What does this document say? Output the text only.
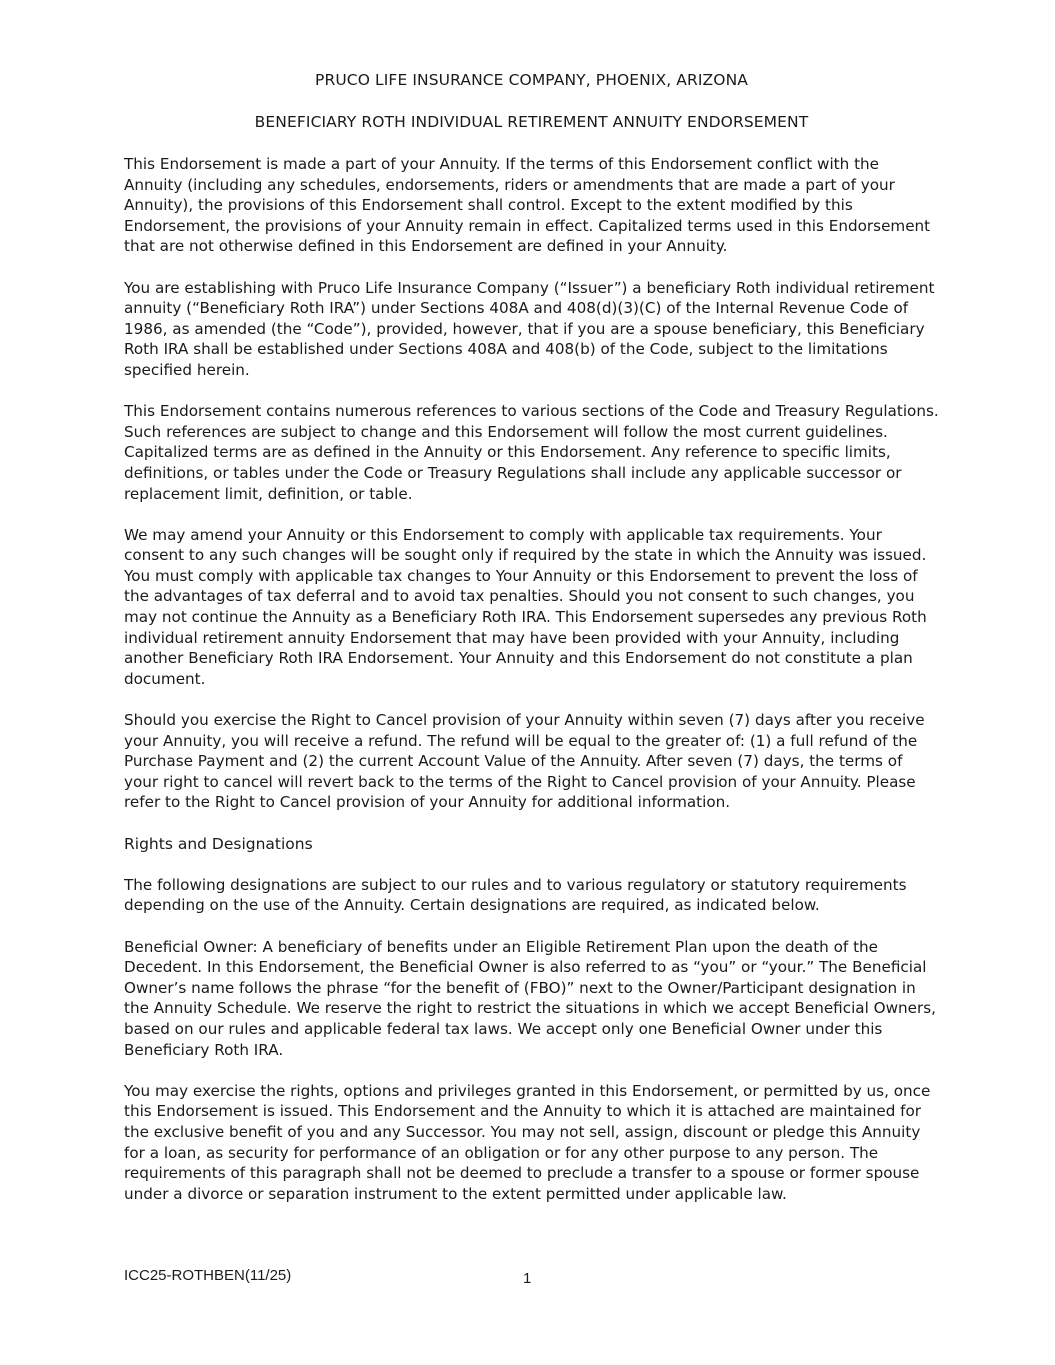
PRUCO LIFE INSURANCE COMPANY, PHOENIX, ARIZONA
BENEFICIARY ROTH INDIVIDUAL RETIREMENT ANNUITY ENDORSEMENT

This Endorsement is made a part of your Annuity. If the terms of this Endorsement conflict with the Annuity (including any schedules, endorsements, riders or amendments that are made a part of your Annuity), the provisions of this Endorsement shall control. Except to the extent modified by this Endorsement, the provisions of your Annuity remain in effect. Capitalized terms used in this Endorsement that are not otherwise defined in this Endorsement are defined in your Annuity.

You are establishing with Pruco Life Insurance Company (“Issuer”) a beneficiary Roth individual retirement annuity (“Beneficiary Roth IRA”) under Sections 408A and 408(d)(3)(C) of the Internal Revenue Code of 1986, as amended (the “Code”), provided, however, that if you are a spouse beneficiary, this Beneficiary Roth IRA shall be established under Sections 408A and 408(b) of the Code, subject to the limitations specified herein.

This Endorsement contains numerous references to various sections of the Code and Treasury Regulations. Such references are subject to change and this Endorsement will follow the most current guidelines. Capitalized terms are as defined in the Annuity or this Endorsement. Any reference to specific limits, definitions, or tables under the Code or Treasury Regulations shall include any applicable successor or replacement limit, definition, or table.

We may amend your Annuity or this Endorsement to comply with applicable tax requirements. Your consent to any such changes will be sought only if required by the state in which the Annuity was issued. You must comply with applicable tax changes to Your Annuity or this Endorsement to prevent the loss of the advantages of tax deferral and to avoid tax penalties. Should you not consent to such changes, you may not continue the Annuity as a Beneficiary Roth IRA. This Endorsement supersedes any previous Roth individual retirement annuity Endorsement that may have been provided with your Annuity, including another Beneficiary Roth IRA Endorsement. Your Annuity and this Endorsement do not constitute a plan document.

Should you exercise the Right to Cancel provision of your Annuity within seven (7) days after you receive your Annuity, you will receive a refund. The refund will be equal to the greater of: (1) a full refund of the Purchase Payment and (2) the current Account Value of the Annuity. After seven (7) days, the terms of your right to cancel will revert back to the terms of the Right to Cancel provision of your Annuity. Please refer to the Right to Cancel provision of your Annuity for additional information.

Rights and Designations

The following designations are subject to our rules and to various regulatory or statutory requirements depending on the use of the Annuity. Certain designations are required, as indicated below.

Beneficial Owner: A beneficiary of benefits under an Eligible Retirement Plan upon the death of the Decedent. In this Endorsement, the Beneficial Owner is also referred to as “you” or “your.” The Beneficial Owner’s name follows the phrase “for the benefit of (FBO)” next to the Owner/Participant designation in the Annuity Schedule. We reserve the right to restrict the situations in which we accept Beneficial Owners, based on our rules and applicable federal tax laws. We accept only one Beneficial Owner under this Beneficiary Roth IRA.

You may exercise the rights, options and privileges granted in this Endorsement, or permitted by us, once this Endorsement is issued. This Endorsement and the Annuity to which it is attached are maintained for the exclusive benefit of you and any Successor. You may not sell, assign, discount or pledge this Annuity for a loan, as security for performance of an obligation or for any other purpose to any person. The requirements of this paragraph shall not be deemed to preclude a transfer to a spouse or former spouse under a divorce or separation instrument to the extent permitted under applicable law.

ICC25-ROTHBEN(11/25)	1
